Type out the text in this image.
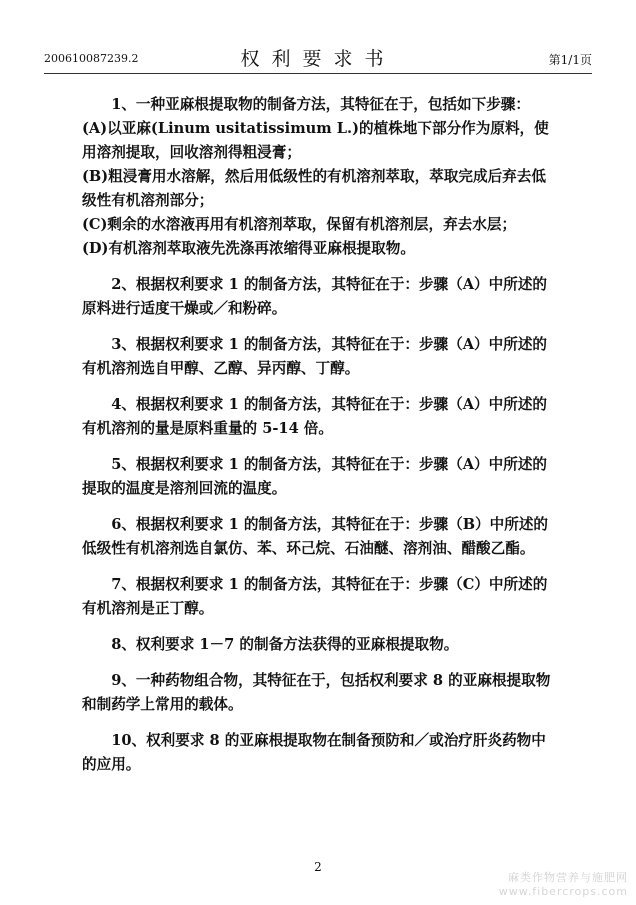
200610087239.2	权利要求书	第1/1页

1、一种亚麻根提取物的制备方法，其特征在于，包括如下步骤：

(A)以亚麻(Linum usitatissimum L.)的植株地下部分作为原料，使用溶剂提取，回收溶剂得粗浸膏；

(B)粗浸膏用水溶解，然后用低级性的有机溶剂萃取，萃取完成后弃去低级性有机溶剂部分；

(C)剩余的水溶液再用有机溶剂萃取，保留有机溶剂层，弃去水层；

(D)有机溶剂萃取液先洗涤再浓缩得亚麻根提取物。

2、根据权利要求 1 的制备方法，其特征在于：步骤（A）中所述的原料进行适度干燥或／和粉碎。

3、根据权利要求 1 的制备方法，其特征在于：步骤（A）中所述的有机溶剂选自甲醇、乙醇、异丙醇、丁醇。

4、根据权利要求 1 的制备方法，其特征在于：步骤（A）中所述的有机溶剂的量是原料重量的 5-14 倍。

5、根据权利要求 1 的制备方法，其特征在于：步骤（A）中所述的提取的温度是溶剂回流的温度。

6、根据权利要求 1 的制备方法，其特征在于：步骤（B）中所述的低级性有机溶剂选自氯仿、苯、环己烷、石油醚、溶剂油、醋酸乙酯。

7、根据权利要求 1 的制备方法，其特征在于：步骤（C）中所述的有机溶剂是正丁醇。

8、权利要求 1－7 的制备方法获得的亚麻根提取物。

9、一种药物组合物，其特征在于，包括权利要求 8 的亚麻根提取物和制药学上常用的载体。

10、权利要求 8 的亚麻根提取物在制备预防和／或治疗肝炎药物中的应用。

2
麻类作物营养与施肥网
www.fibercrops.com
